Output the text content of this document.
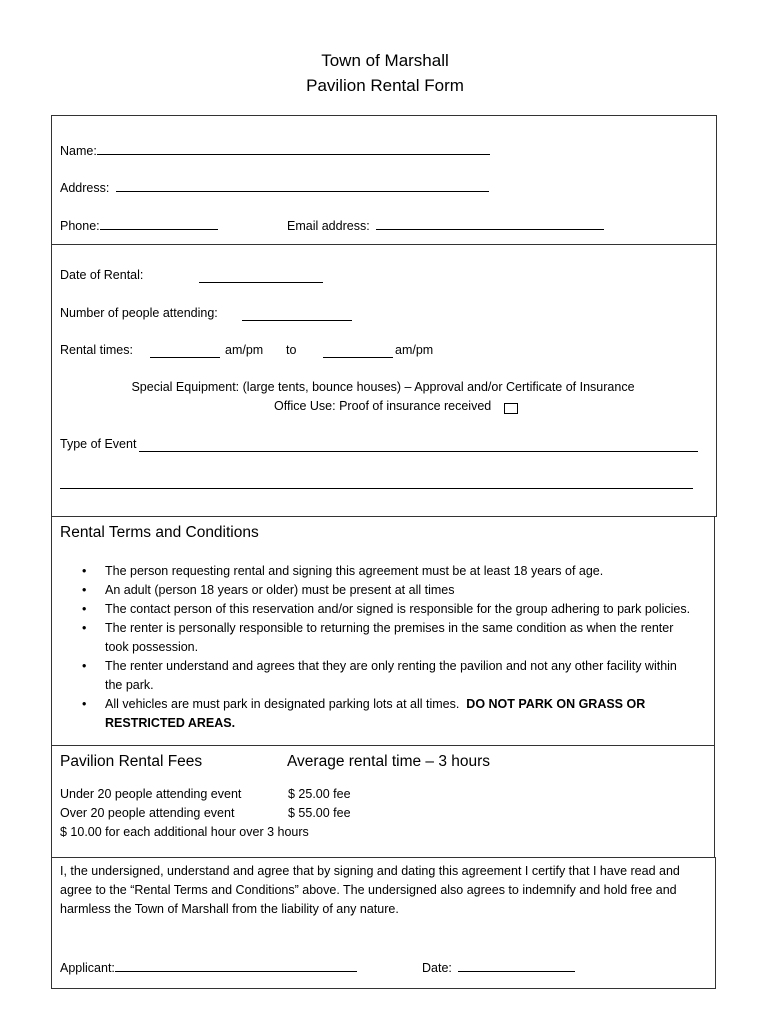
Town of Marshall
Pavilion Rental Form
Name:
Address:
Phone:	Email address:
Date of Rental:
Number of people attending:
Rental times:	am/pm to	am/pm
Special Equipment: (large tents, bounce houses) – Approval and/or Certificate of Insurance
Office Use: Proof of insurance received
Type of Event
Rental Terms and Conditions
• The person requesting rental and signing this agreement must be at least 18 years of age.
• An adult (person 18 years or older) must be present at all times
• The contact person of this reservation and/or signed is responsible for the group adhering to park policies.
• The renter is personally responsible to returning the premises in the same condition as when the renter
took possession.
• The renter understand and agrees that they are only renting the pavilion and not any other facility within
the park.
• All vehicles are must park in designated parking lots at all times. DO NOT PARK ON GRASS OR
RESTRICTED AREAS.
Pavilion Rental Fees	Average rental time – 3 hours
Under 20 people attending event	$ 25.00 fee
Over 20 people attending event	$ 55.00 fee
$ 10.00 for each additional hour over 3 hours
I, the undersigned, understand and agree that by signing and dating this agreement I certify that I have read and
agree to the “Rental Terms and Conditions” above. The undersigned also agrees to indemnify and hold free and
harmless the Town of Marshall from the liability of any nature.
Applicant:	Date:
